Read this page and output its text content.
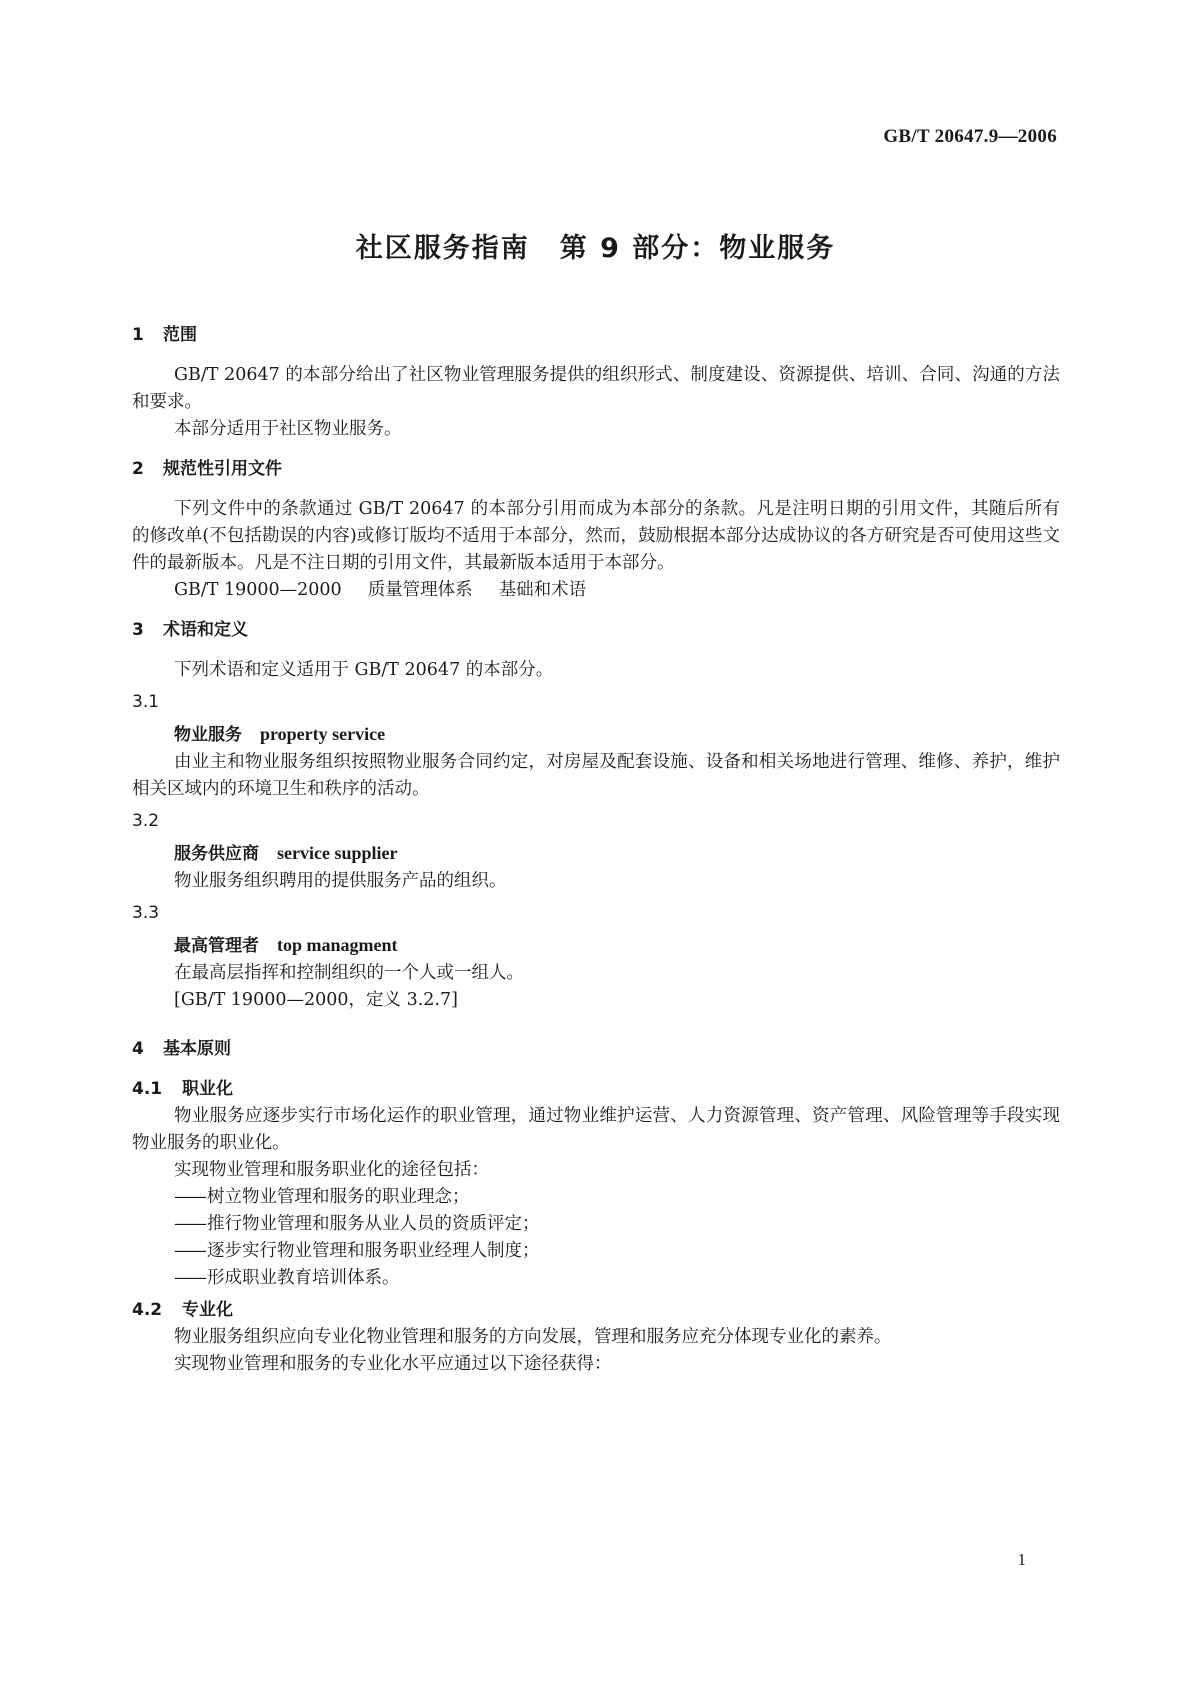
GB/T 20647.9—2006
社区服务指南 第 9 部分：物业服务

1 范围

GB/T 20647 的本部分给出了社区物业管理服务提供的组织形式、制度建设、资源提供、培训、合同、沟通的方法和要求。

本部分适用于社区物业服务。

2 规范性引用文件

下列文件中的条款通过 GB/T 20647 的本部分引用而成为本部分的条款。凡是注明日期的引用文件，其随后所有的修改单(不包括勘误的内容)或修订版均不适用于本部分，然而，鼓励根据本部分达成协议的各方研究是否可使用这些文件的最新版本。凡是不注日期的引用文件，其最新版本适用于本部分。

GB/T 19000—2000 质量管理体系 基础和术语

3 术语和定义

下列术语和定义适用于 GB/T 20647 的本部分。

3.1

物业服务 property service

由业主和物业服务组织按照物业服务合同约定，对房屋及配套设施、设备和相关场地进行管理、维修、养护，维护相关区域内的环境卫生和秩序的活动。

3.2

服务供应商 service supplier

物业服务组织聘用的提供服务产品的组织。

3.3

最高管理者 top managment

在最高层指挥和控制组织的一个人或一组人。

[GB/T 19000—2000，定义 3.2.7]

4 基本原则

4.1 职业化

物业服务应逐步实行市场化运作的职业管理，通过物业维护运营、人力资源管理、资产管理、风险管理等手段实现物业服务的职业化。

实现物业管理和服务职业化的途径包括：

—— 树立物业管理和服务的职业理念；

—— 推行物业管理和服务从业人员的资质评定；

—— 逐步实行物业管理和服务职业经理人制度；

—— 形成职业教育培训体系。

4.2 专业化

物业服务组织应向专业化物业管理和服务的方向发展，管理和服务应充分体现专业化的素养。

实现物业管理和服务的专业化水平应通过以下途径获得：

1
